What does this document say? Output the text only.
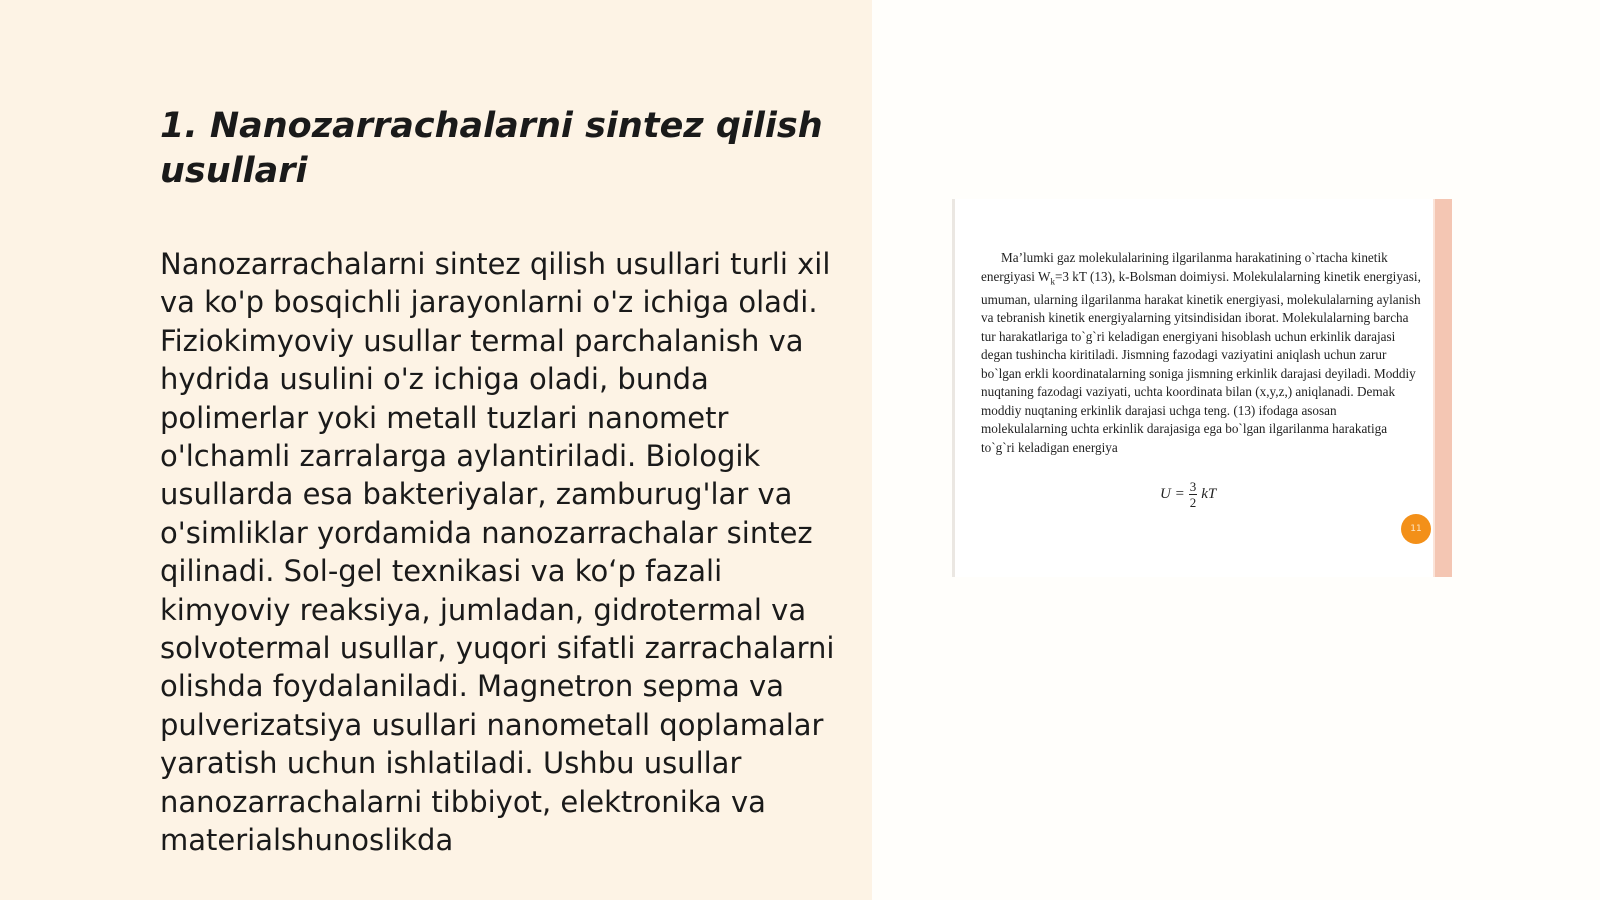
1. Nanozarrachalarni sintez qilish usullari

Nanozarrachalarni sintez qilish usullari turli xil va ko'p bosqichli jarayonlarni o'z ichiga oladi. Fiziokimyoviy usullar termal parchalanish va hydrida usulini o'z ichiga oladi, bunda polimerlar yoki metall tuzlari nanometr o'lchamli zarralarga aylantiriladi. Biologik usullarda esa bakteriyalar, zamburug'lar va o'simliklar yordamida nanozarrachalar sintez qilinadi. Sol-gel texnikasi va koʻp fazali kimyoviy reaksiya, jumladan, gidrotermal va solvotermal usullar, yuqori sifatli zarrachalarni olishda foydalaniladi. Magnetron sepma va pulverizatsiya usullari nanometall qoplamalar yaratish uchun ishlatiladi. Ushbu usullar nanozarrachalarni tibbiyot, elektronika va materialshunoslikda

Ma’lumki gaz molekulalarining ilgarilanma harakatining o`rtacha kinetik energiyasi $W_k=3$ kT (13), k-Bolsman doimiysi. Molekulalarning kinetik energiyasi, umuman, ularning ilgarilanma harakat kinetik energiyasi, molekulalarning aylanish va tebranish kinetik energiyalarning yitsindisidan iborat. Molekulalarning barcha tur harakatlariga to`g`ri keladigan energiyani hisoblash uchun erkinlik darajasi degan tushincha kiritiladi. Jismning fazodagi vaziyatini aniqlash uchun zarur bo`lgan erkli koordinatalarning soniga jismning erkinlik darajasi deyiladi. Moddiy nuqtaning fazodagi vaziyati, uchta koordinata bilan (x,y,z,) aniqlanadi. Demak moddiy nuqtaning erkinlik darajasi uchga teng. (13) ifodaga asosan molekulalarning uchta erkinlik darajasiga ega bo`lgan ilgarilanma harakatiga to`g`ri keladigan energiya

$U = \frac{3}{2}$ kT
11
